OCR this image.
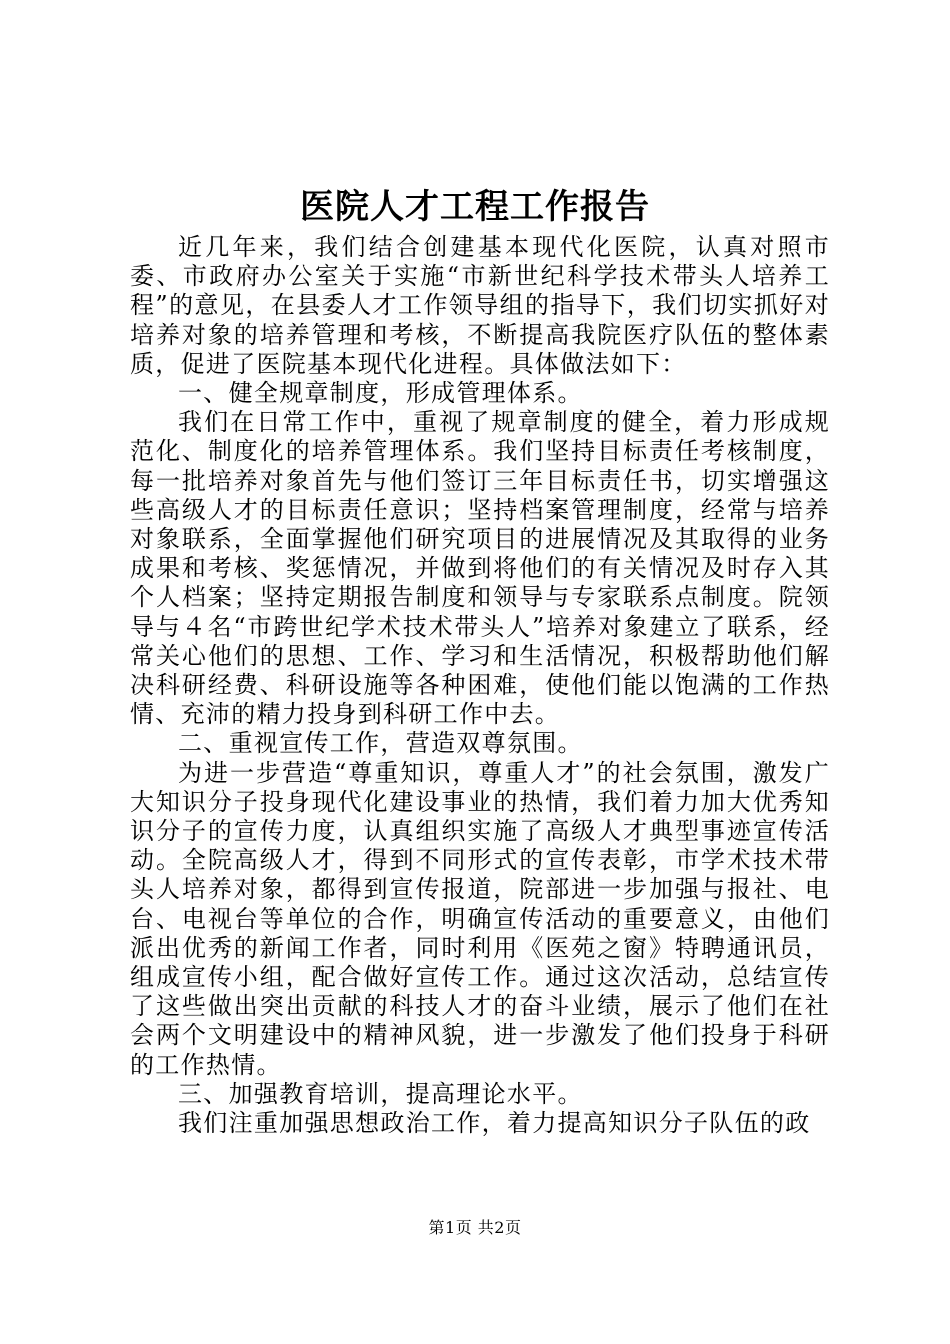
医院人才工程工作报告

近几年来，我们结合创建基本现代化医院，认真对照市委、市政府办公室关于实施“市新世纪科学技术带头人培养工程”的意见，在县委人才工作领导组的指导下，我们切实抓好对培养对象的培养管理和考核，不断提高我院医疗队伍的整体素质，促进了医院基本现代化进程。具体做法如下：

一、健全规章制度，形成管理体系。

我们在日常工作中，重视了规章制度的健全，着力形成规范化、制度化的培养管理体系。我们坚持目标责任考核制度，每一批培养对象首先与他们签订三年目标责任书，切实增强这些高级人才的目标责任意识；坚持档案管理制度，经常与培养对象联系，全面掌握他们研究项目的进展情况及其取得的业务成果和考核、奖惩情况，并做到将他们的有关情况及时存入其个人档案；坚持定期报告制度和领导与专家联系点制度。院领导与４名“市跨世纪学术技术带头人”培养对象建立了联系，经常关心他们的思想、工作、学习和生活情况，积极帮助他们解决科研经费、科研设施等各种困难，使他们能以饱满的工作热情、充沛的精力投身到科研工作中去。

二、重视宣传工作，营造双尊氛围。

为进一步营造“尊重知识，尊重人才”的社会氛围，激发广大知识分子投身现代化建设事业的热情，我们着力加大优秀知识分子的宣传力度，认真组织实施了高级人才典型事迹宣传活动。全院高级人才，得到不同形式的宣传表彰，市学术技术带头人培养对象，都得到宣传报道，院部进一步加强与报社、电台、电视台等单位的合作，明确宣传活动的重要意义，由他们派出优秀的新闻工作者，同时利用《医苑之窗》特聘通讯员，组成宣传小组，配合做好宣传工作。通过这次活动，总结宣传了这些做出突出贡献的科技人才的奋斗业绩，展示了他们在社会两个文明建设中的精神风貌，进一步激发了他们投身于科研的工作热情。

三、加强教育培训，提高理论水平。

我们注重加强思想政治工作，着力提高知识分子队伍的政

第1页 共2页
